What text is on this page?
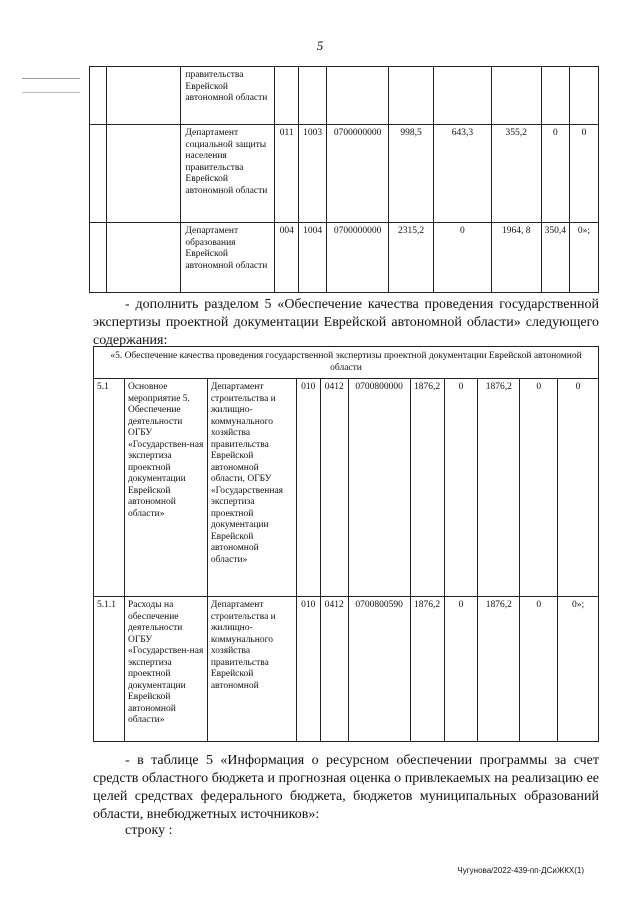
5
		правительства Еврейской автономной области								
		Департамент социальной защиты населения правительства Еврейской автономной области	011	1003	0700000000	998,5	643,3	355,2	0	0
		Департамент образования Еврейской автономной области	004	1004	0700000000	2315,2	0	1964, 8	350,4	0»;
- дополнить разделом 5 «Обеспечение качества проведения государственной экспертизы проектной документации Еврейской автономной области» следующего содержания:
«5. Обеспечение качества проведения государственной экспертизы проектной документации Еврейской автономной области										
5.1	Основное мероприятие 5. Обеспечение деятельности ОГБУ «Государствен-ная экспертиза проектной документации Еврейской автономной области»	Департамент строительства и жилищно-коммунального хозяйства правительства Еврейской автономной области, ОГБУ «Государственная экспертиза проектной документации Еврейской автономной области»	010	0412	0700800000	1876,2	0	1876,2	0	0
5.1.1	Расходы на обеспечение деятельности ОГБУ «Государствен-ная экспертиза проектной документации Еврейской автономной области»	Департамент строительства и жилищно-коммунального хозяйства правительства Еврейской автономной	010	0412	0700800590	1876,2	0	1876,2	0	0»;
- в таблице 5 «Информация о ресурсном обеспечении программы за счет средств областного бюджета и прогнозная оценка о привлекаемых на реализацию ее целей средствах федерального бюджета, бюджетов муниципальных образований области, внебюджетных источников»:
строку :
Чугунова/2022-439-пп-ДСиЖКХ(1)
